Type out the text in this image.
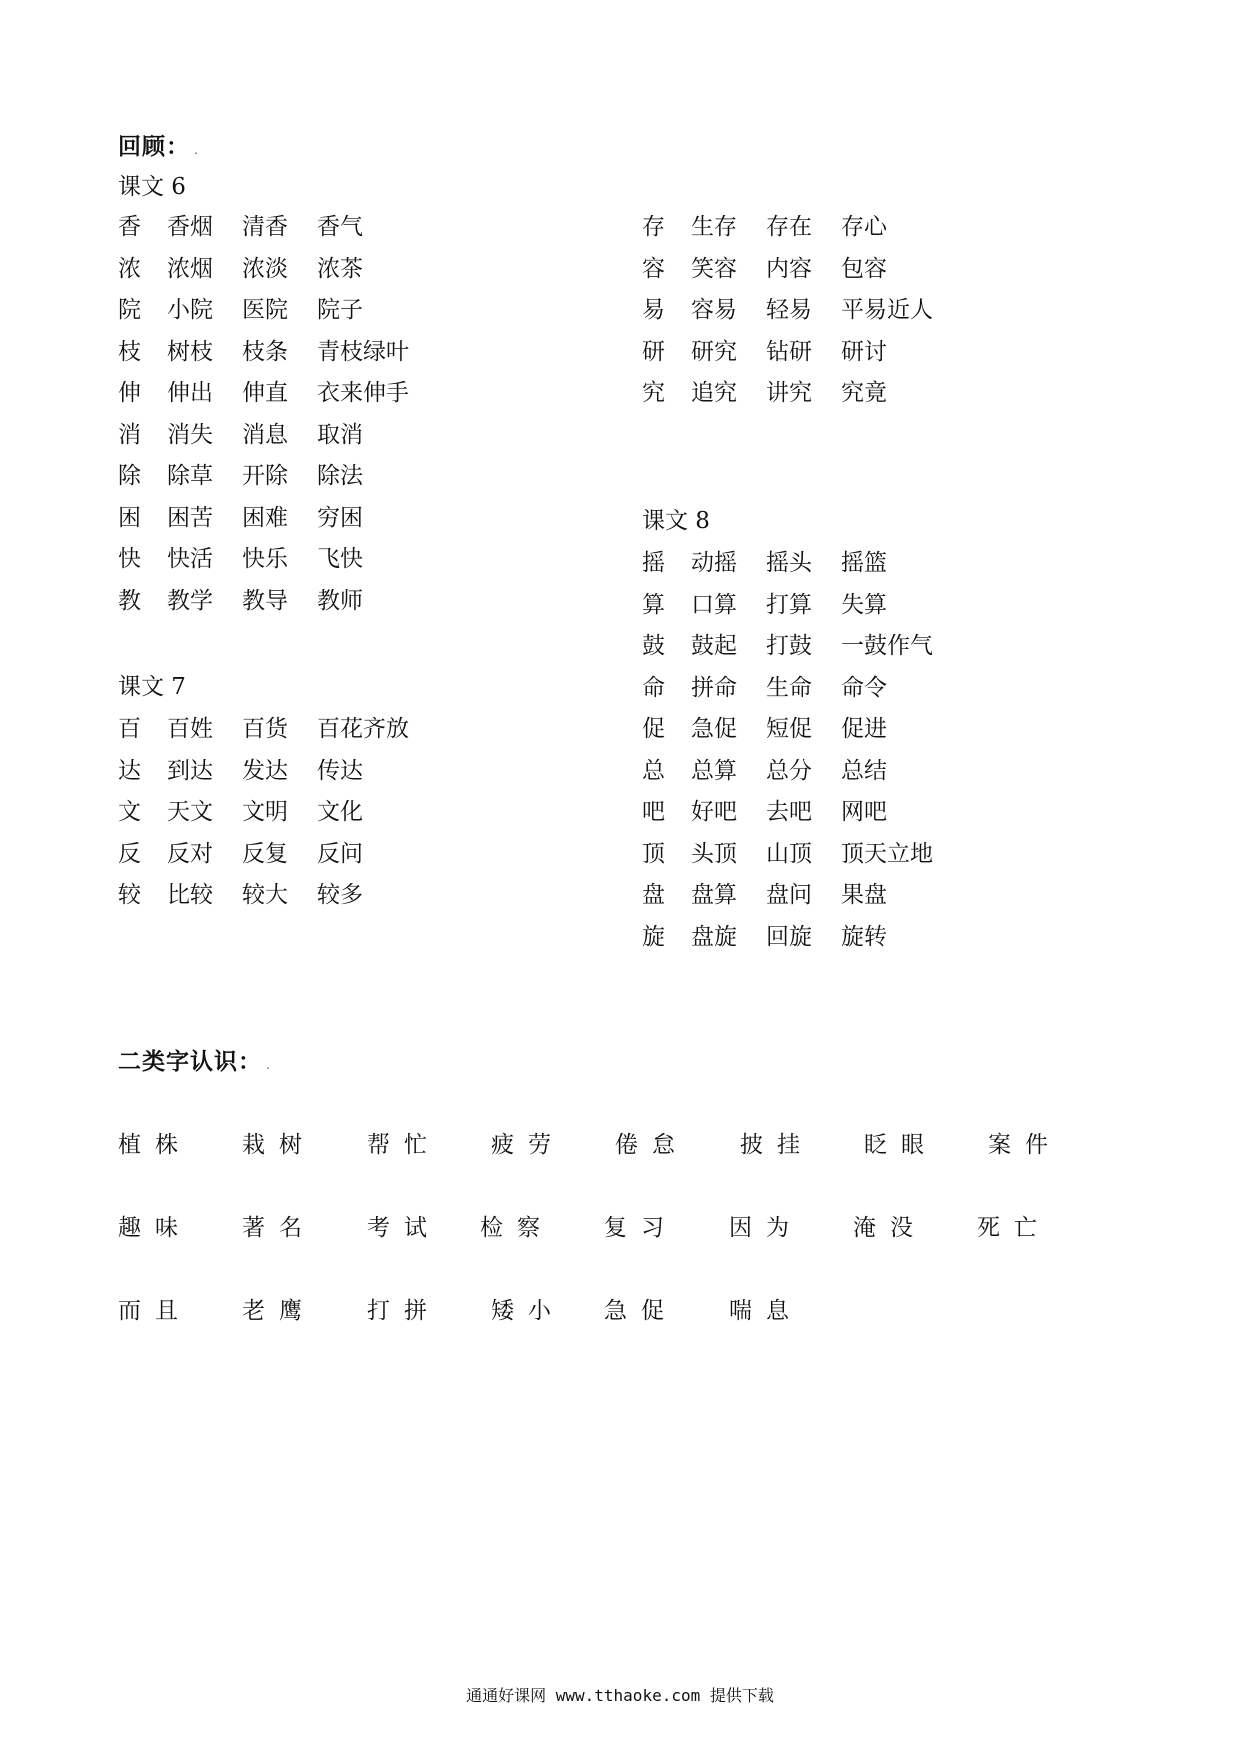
回顾： .
课文 6
香 香烟 清香 香气
浓 浓烟 浓淡 浓茶
院 小院 医院 院子
枝 树枝 枝条 青枝绿叶
伸 伸出 伸直 衣来伸手
消 消失 消息 取消
除 除草 开除 除法
困 困苦 困难 穷困
快 快活 快乐 飞快
教 教学 教导 教师
存 生存 存在 存心
容 笑容 内容 包容
易 容易 轻易 平易近人
研 研究 钻研 研讨
究 追究 讲究 究竟
课文 7
百 百姓 百货 百花齐放
达 到达 发达 传达
文 天文 文明 文化
反 反对 反复 反问
较 比较 较大 较多
课文 8
摇 动摇 摇头 摇篮
算 口算 打算 失算
鼓 鼓起 打鼓 一鼓作气
命 拼命 生命 命令
促 急促 短促 促进
总 总算 总分 总结
吧 好吧 去吧 网吧
顶 头顶 山顶 顶天立地
盘 盘算 盘问 果盘
旋 盘旋 回旋 旋转
二类字认识： .
植株 栽树 帮忙 疲劳 倦怠 披挂 眨眼 案件
趣味 著名 考试 检察 复习 因为 淹没 死亡
而且 老鹰 打拼 矮小 急促 喘息
通通好课网 www.tthaoke.com 提供下载
